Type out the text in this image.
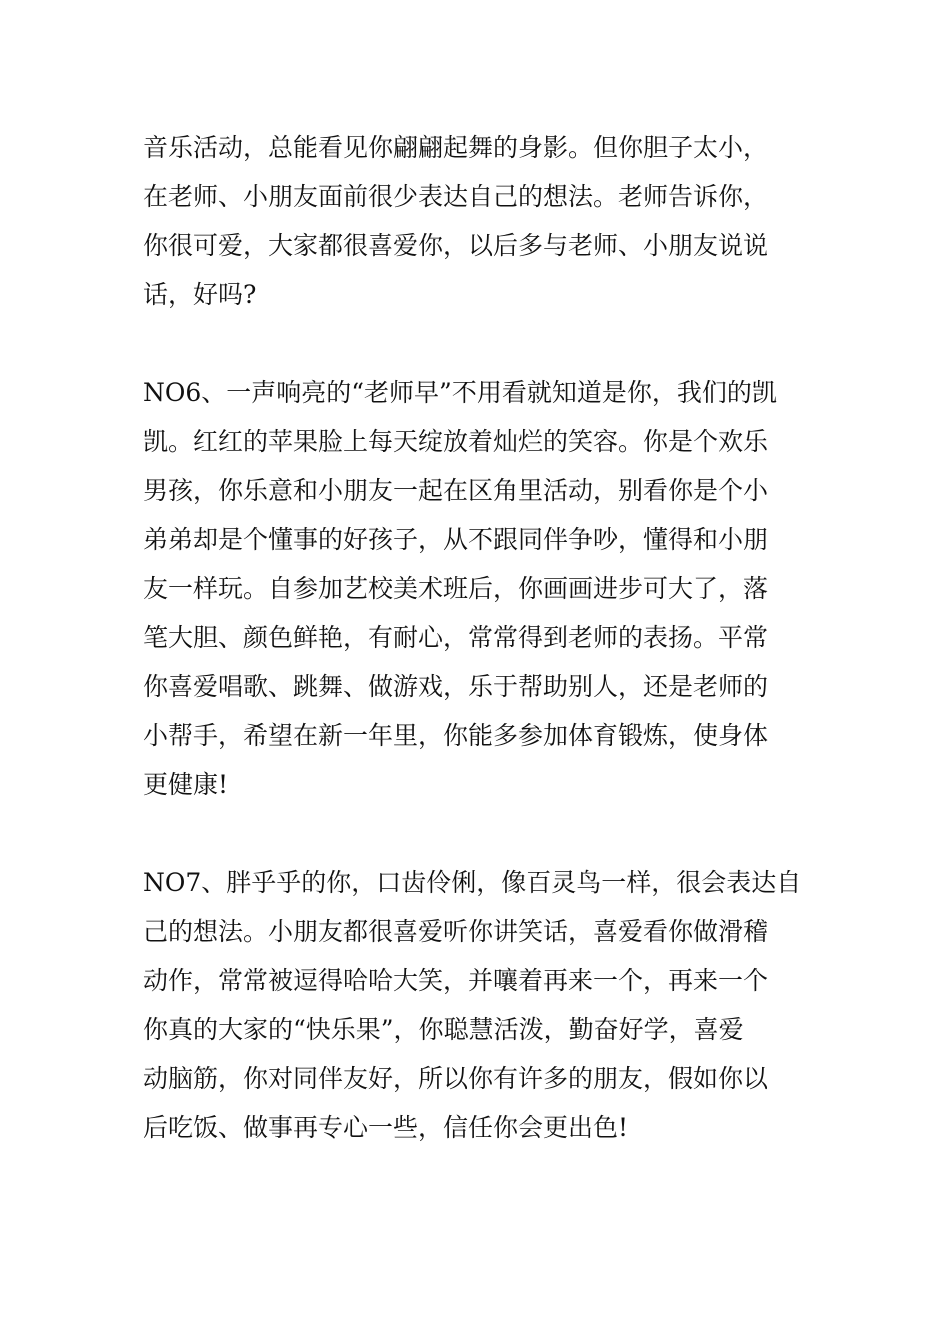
音乐活动，总能看见你翩翩起舞的身影。但你胆子太小，
在老师、小朋友面前很少表达自己的想法。老师告诉你，
你很可爱，大家都很喜爱你，以后多与老师、小朋友说说
话，好吗?
NO6、一声响亮的“老师早”不用看就知道是你，我们的凯
凯。红红的苹果脸上每天绽放着灿烂的笑容。你是个欢乐
男孩，你乐意和小朋友一起在区角里活动，别看你是个小
弟弟却是个懂事的好孩子，从不跟同伴争吵，懂得和小朋
友一样玩。自参加艺校美术班后，你画画进步可大了，落
笔大胆、颜色鲜艳，有耐心，常常得到老师的表扬。平常
你喜爱唱歌、跳舞、做游戏，乐于帮助别人，还是老师的
小帮手，希望在新一年里，你能多参加体育锻炼，使身体
更健康!
NO7、胖乎乎的你，口齿伶俐，像百灵鸟一样，很会表达自
己的想法。小朋友都很喜爱听你讲笑话，喜爱看你做滑稽
动作，常常被逗得哈哈大笑，并嚷着再来一个，再来一个
你真的大家的“快乐果”，你聪慧活泼，勤奋好学，喜爱
动脑筋，你对同伴友好，所以你有许多的朋友，假如你以
后吃饭、做事再专心一些，信任你会更出色!
